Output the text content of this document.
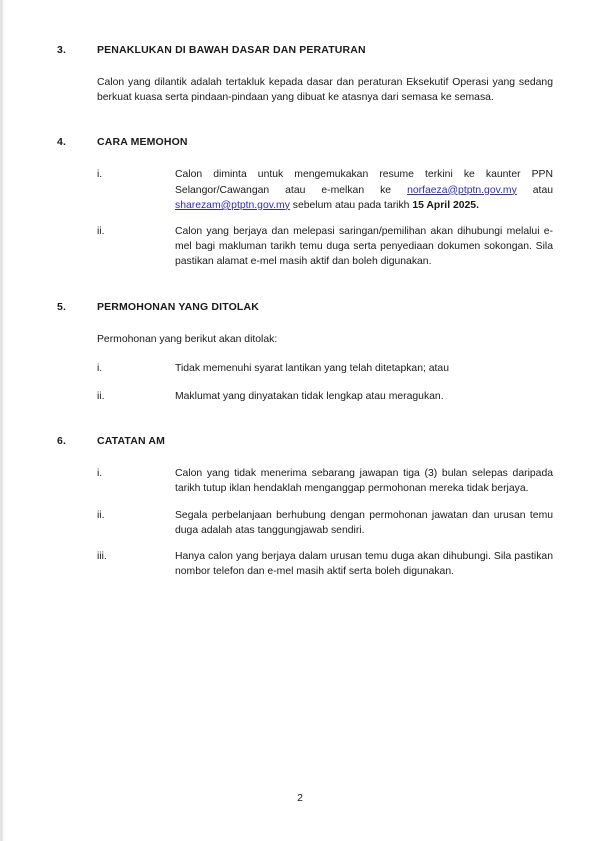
3.	PENAKLUKAN DI BAWAH DASAR DAN PERATURAN

Calon yang dilantik adalah tertakluk kepada dasar dan peraturan Eksekutif Operasi yang sedang berkuat kuasa serta pindaan-pindaan yang dibuat ke atasnya dari semasa ke semasa.

4.	CARA MEMOHON
i.	Calon diminta untuk mengemukakan resume terkini ke kaunter PPN Selangor/Cawangan atau e-melkan ke norfaeza@ptptn.gov.my atau sharezam@ptptn.gov.my sebelum atau pada tarikh 15 April 2025.
ii.	Calon yang berjaya dan melepasi saringan/pemilihan akan dihubungi melalui e-mel bagi makluman tarikh temu duga serta penyediaan dokumen sokongan. Sila pastikan alamat e-mel masih aktif dan boleh digunakan.
5.	PERMOHONAN YANG DITOLAK

Permohonan yang berikut akan ditolak:

i.	Tidak memenuhi syarat lantikan yang telah ditetapkan; atau
ii.	Maklumat yang dinyatakan tidak lengkap atau meragukan.
6.	CATATAN AM
i.	Calon yang tidak menerima sebarang jawapan tiga (3) bulan selepas daripada tarikh tutup iklan hendaklah menganggap permohonan mereka tidak berjaya.
ii.	Segala perbelanjaan berhubung dengan permohonan jawatan dan urusan temu duga adalah atas tanggungjawab sendiri.
iii.	Hanya calon yang berjaya dalam urusan temu duga akan dihubungi. Sila pastikan nombor telefon dan e-mel masih aktif serta boleh digunakan.
2
